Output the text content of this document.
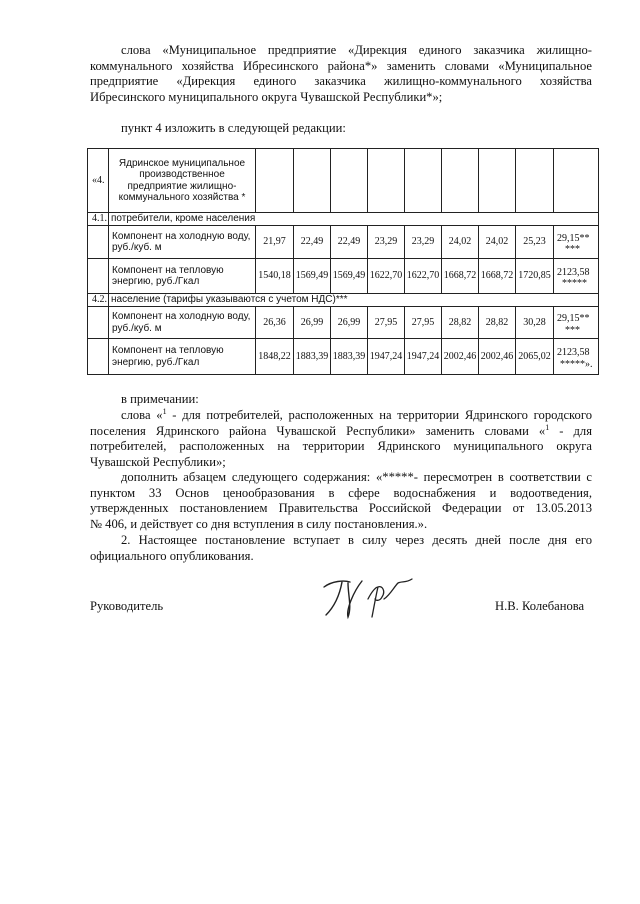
слова «Муниципальное предприятие «Дирекция единого заказчика жилищно-
коммунального хозяйства Ибресинского района*» заменить словами «Муниципальное
предприятие «Дирекция единого заказчика жилищно-коммунального хозяйства
Ибресинского муниципального округа Чувашской Республики*»;

пункт 4 изложить в следующей редакции:

«4.	Ядринское муниципальное производственное предприятие жилищно-коммунального хозяйства *									
4.1.	потребители, кроме населения									
	Компонент на холодную воду, руб./куб. м	21,97	22,49	22,49	23,29	23,29	24,02	24,02	25,23	29,15**
***
	Компонент на тепловую энергию, руб./Гкал	1540,18	1569,49	1569,49	1622,70	1622,70	1668,72	1668,72	1720,85	2123,58
*****
4.2.	население (тарифы указываются с учетом НДС)***									
	Компонент на холодную воду, руб./куб. м	26,36	26,99	26,99	27,95	27,95	28,82	28,82	30,28	29,15**
***
	Компонент на тепловую энергию, руб./Гкал	1848,22	1883,39	1883,39	1947,24	1947,24	2002,46	2002,46	2065,02	2123,58
*****».

в примечании:

слова «$^1$ - для потребителей, расположенных на территории Ядринского городского
поселения Ядринского района Чувашской Республики» заменить словами «$^1$ - для
потребителей, расположенных на территории Ядринского муниципального округа
Чувашской Республики»;
дополнить абзацем следующего содержания: «*****- пересмотрен в соответствии с
пунктом 33 Основ ценообразования в сфере водоснабжения и водоотведения,
утвержденных постановлением Правительства Российской Федерации от 13.05.2013
№ 406, и действует со дня вступления в силу постановления.».
2. Настоящее постановление вступает в силу через десять дней после дня его
официального опубликования.

Руководитель	Н.В. Колебанова
